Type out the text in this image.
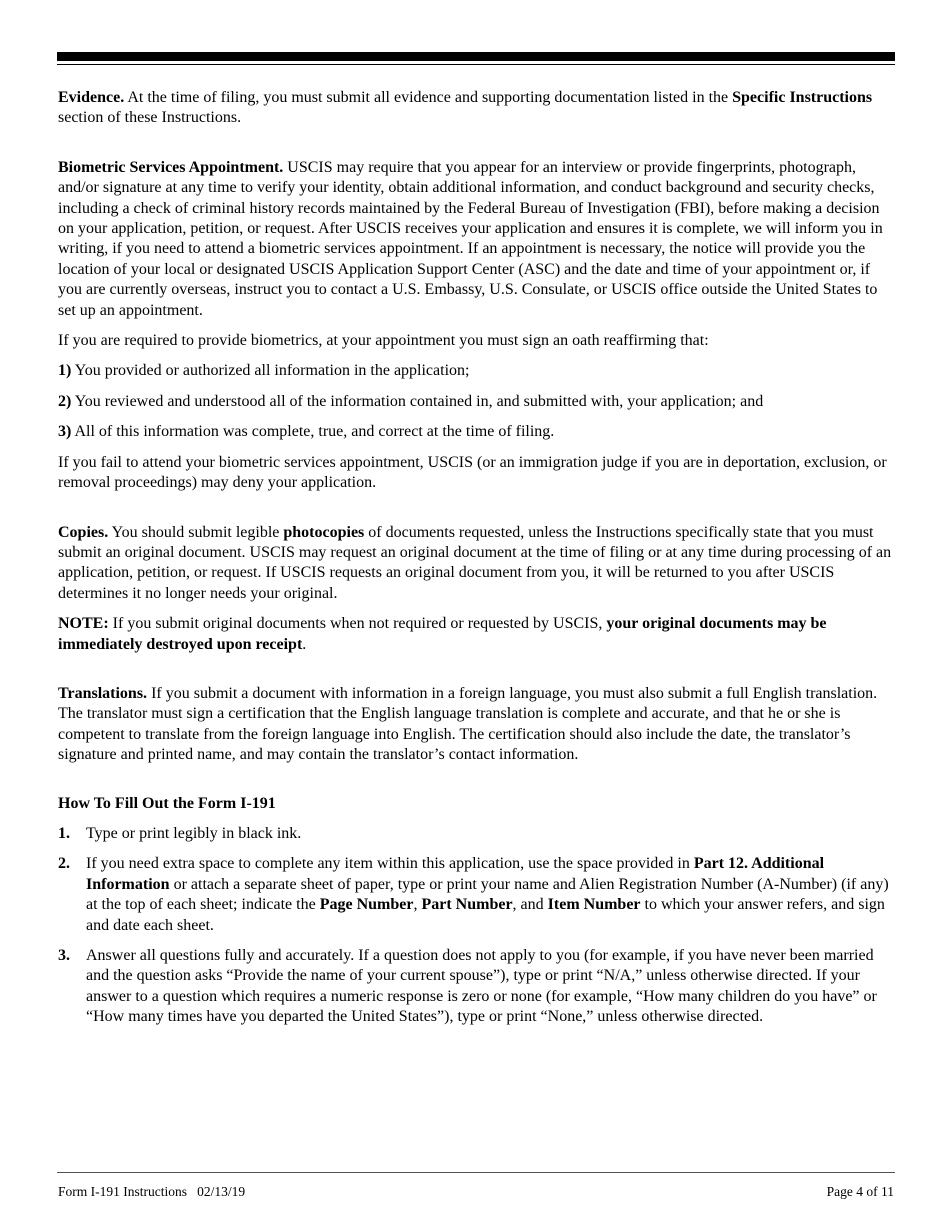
Evidence. At the time of filing, you must submit all evidence and supporting documentation listed in the Specific Instructions section of these Instructions.

Biometric Services Appointment. USCIS may require that you appear for an interview or provide fingerprints, photograph, and/or signature at any time to verify your identity, obtain additional information, and conduct background and security checks, including a check of criminal history records maintained by the Federal Bureau of Investigation (FBI), before making a decision on your application, petition, or request. After USCIS receives your application and ensures it is complete, we will inform you in writing, if you need to attend a biometric services appointment. If an appointment is necessary, the notice will provide you the location of your local or designated USCIS Application Support Center (ASC) and the date and time of your appointment or, if you are currently overseas, instruct you to contact a U.S. Embassy, U.S. Consulate, or USCIS office outside the United States to set up an appointment.

If you are required to provide biometrics, at your appointment you must sign an oath reaffirming that:

1) You provided or authorized all information in the application;

2) You reviewed and understood all of the information contained in, and submitted with, your application; and

3) All of this information was complete, true, and correct at the time of filing.

If you fail to attend your biometric services appointment, USCIS (or an immigration judge if you are in deportation, exclusion, or removal proceedings) may deny your application.

Copies. You should submit legible photocopies of documents requested, unless the Instructions specifically state that you must submit an original document. USCIS may request an original document at the time of filing or at any time during processing of an application, petition, or request. If USCIS requests an original document from you, it will be returned to you after USCIS determines it no longer needs your original.

NOTE: If you submit original documents when not required or requested by USCIS, your original documents may be immediately destroyed upon receipt.

Translations. If you submit a document with information in a foreign language, you must also submit a full English translation. The translator must sign a certification that the English language translation is complete and accurate, and that he or she is competent to translate from the foreign language into English. The certification should also include the date, the translator’s signature and printed name, and may contain the translator’s contact information.

How To Fill Out the Form I-191

1.	Type or print legibly in black ink.
2.	If you need extra space to complete any item within this application, use the space provided in Part 12. Additional Information or attach a separate sheet of paper, type or print your name and Alien Registration Number (A-Number) (if any) at the top of each sheet; indicate the Page Number, Part Number, and Item Number to which your answer refers, and sign and date each sheet.
3.	Answer all questions fully and accurately. If a question does not apply to you (for example, if you have never been married and the question asks “Provide the name of your current spouse”), type or print “N/A,” unless otherwise directed. If your answer to a question which requires a numeric response is zero or none (for example, “How many children do you have” or “How many times have you departed the United States”), type or print “None,” unless otherwise directed.
Form I-191 Instructions   02/13/19	Page 4 of 11
